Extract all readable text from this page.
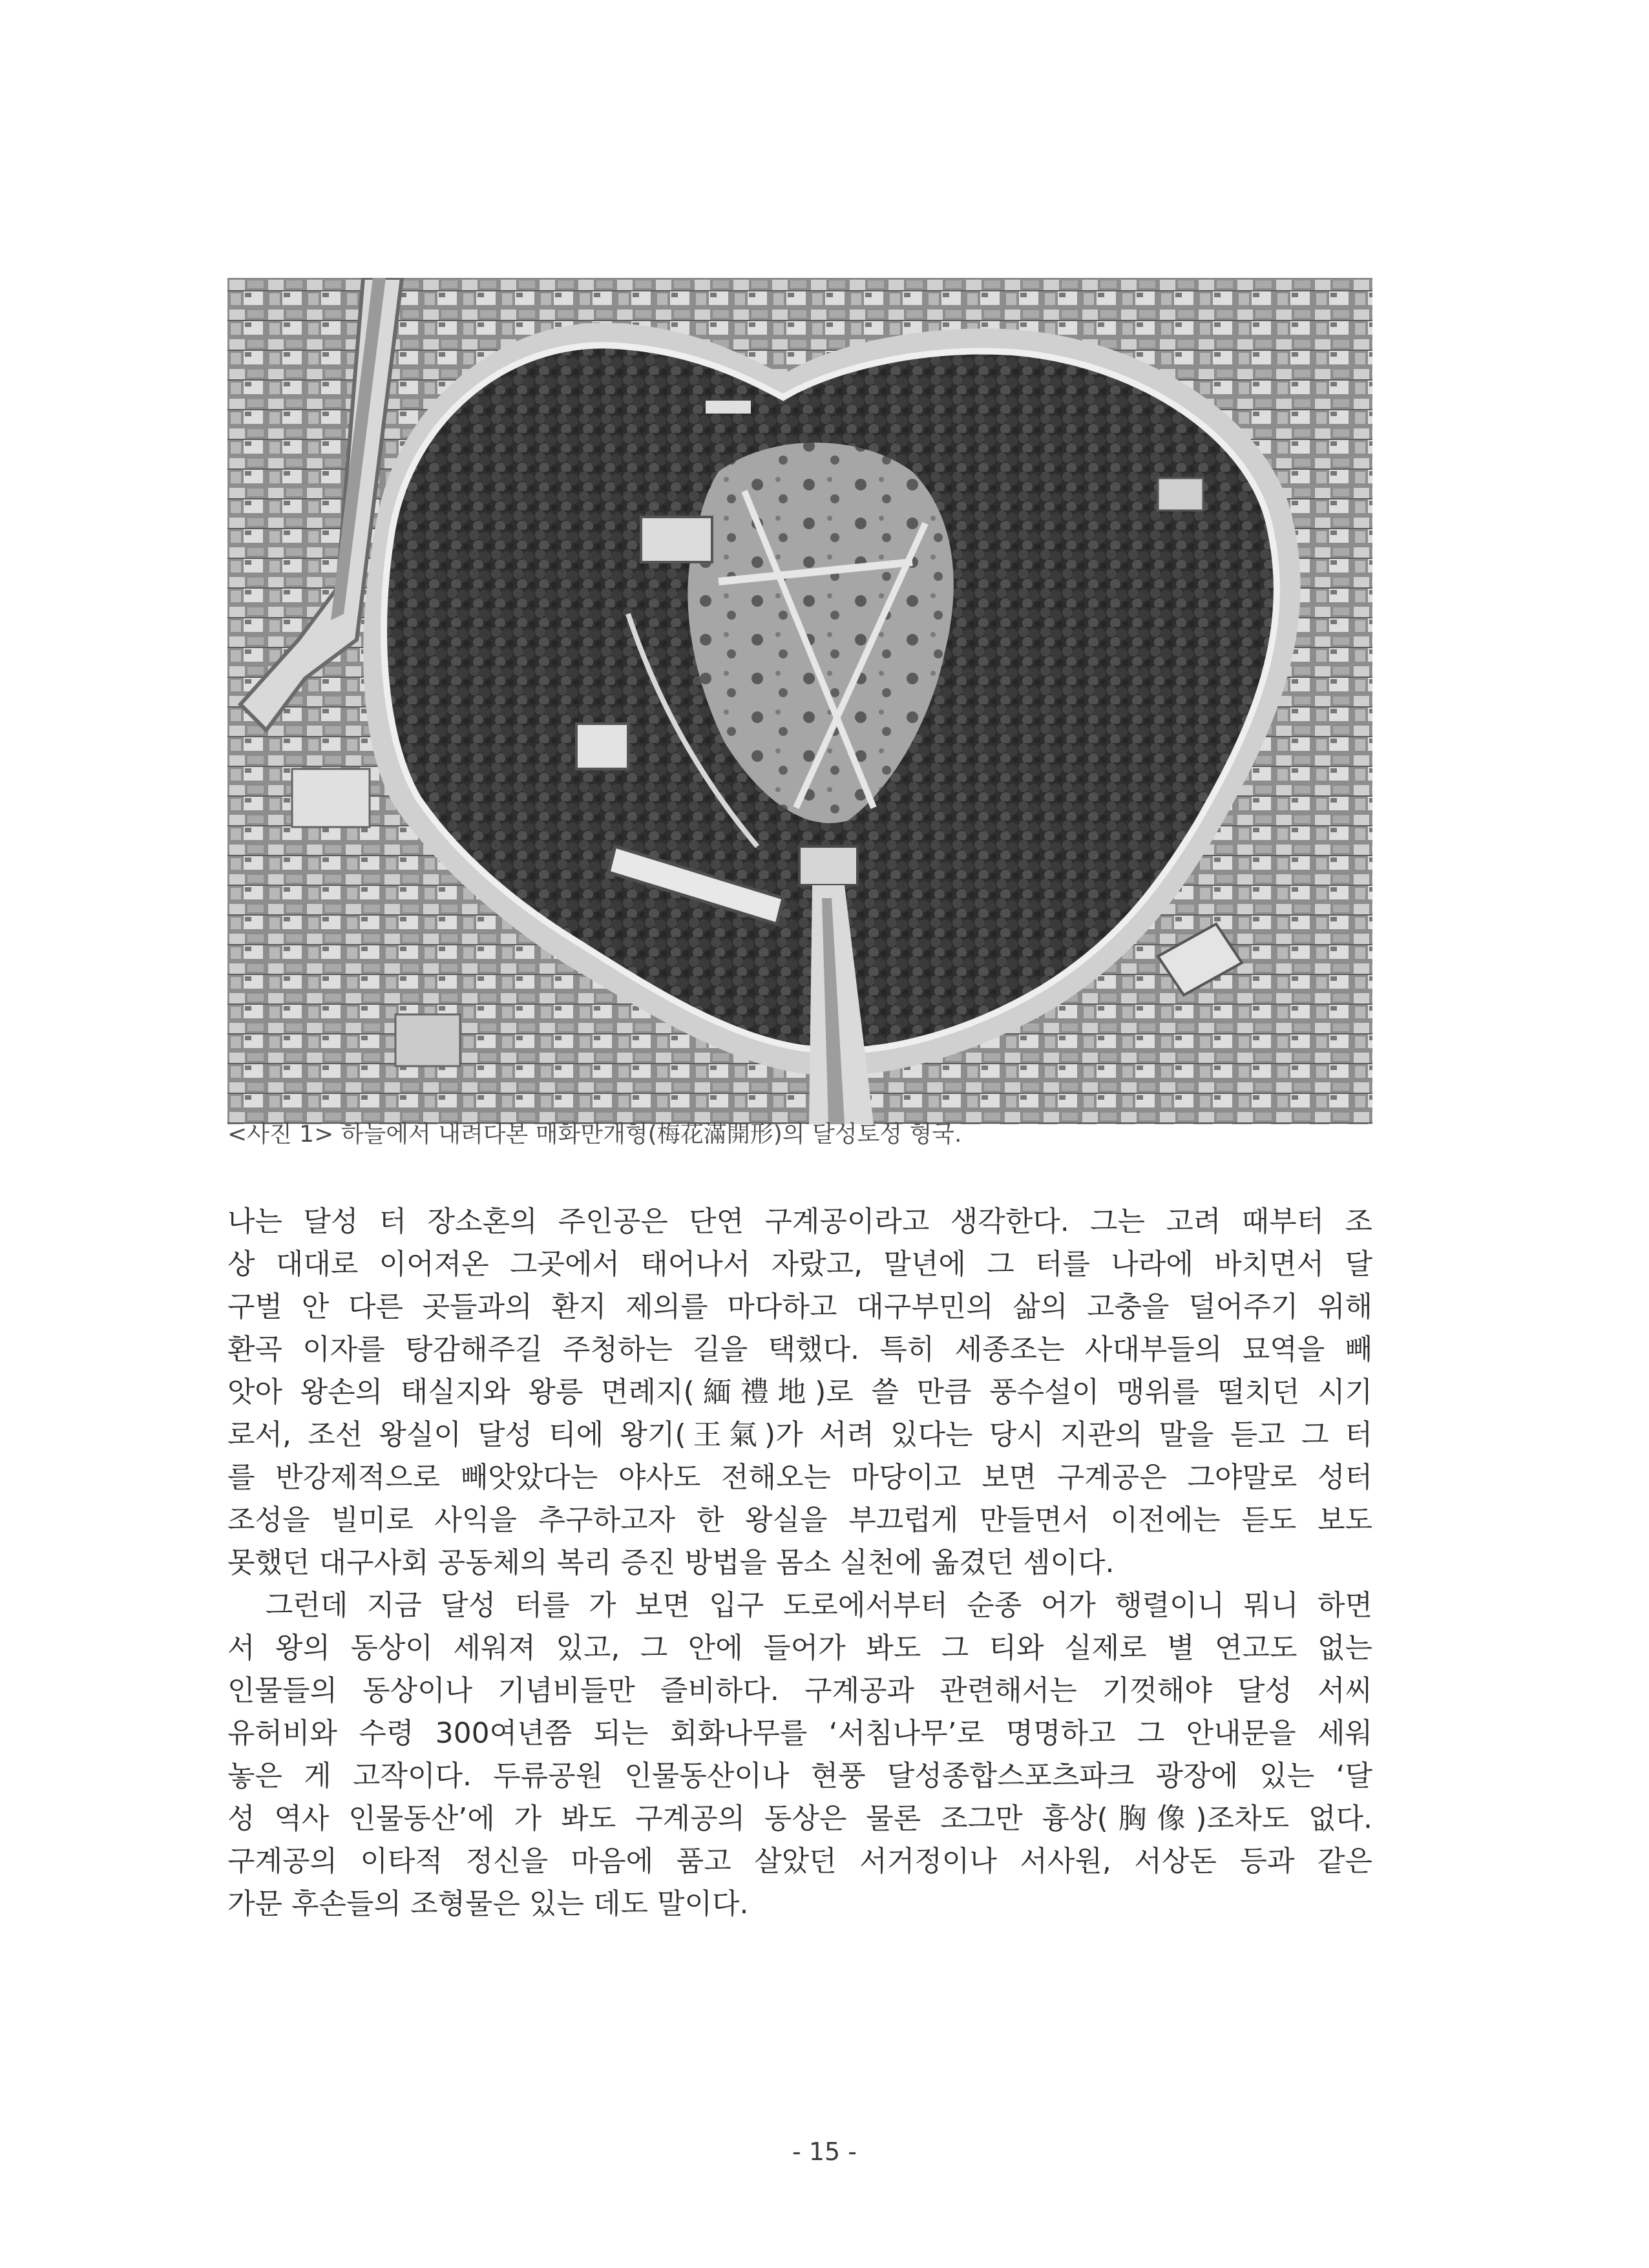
<사진 1> 하늘에서 내려다본 매화만개형(梅花滿開形)의 달성토성 형국.
나는 달성 터 장소혼의 주인공은 단연 구계공이라고 생각한다. 그는 고려 때부터 조
상 대대로 이어져온 그곳에서 태어나서 자랐고, 말년에 그 터를 나라에 바치면서 달
구벌 안 다른 곳들과의 환지 제의를 마다하고 대구부민의 삶의 고충을 덜어주기 위해
환곡 이자를 탕감해주길 주청하는 길을 택했다. 특히 세종조는 사대부들의 묘역을 빼
앗아 왕손의 태실지와 왕릉 면례지(緬禮地)로 쓸 만큼 풍수설이 맹위를 떨치던 시기
로서, 조선 왕실이 달성 티에 왕기(王氣)가 서려 있다는 당시 지관의 말을 듣고 그 터
를 반강제적으로 빼앗았다는 야사도 전해오는 마당이고 보면 구계공은 그야말로 성터
조성을 빌미로 사익을 추구하고자 한 왕실을 부끄럽게 만들면서 이전에는 듣도 보도
못했던 대구사회 공동체의 복리 증진 방법을 몸소 실천에 옮겼던 셈이다.
그런데 지금 달성 터를 가 보면 입구 도로에서부터 순종 어가 행렬이니 뭐니 하면
서 왕의 동상이 세워져 있고, 그 안에 들어가 봐도 그 티와 실제로 별 연고도 없는
인물들의 동상이나 기념비들만 즐비하다. 구계공과 관련해서는 기껏해야 달성 서씨
유허비와 수령 300여년쯤 되는 회화나무를 ‘서침나무’로 명명하고 그 안내문을 세워
놓은 게 고작이다. 두류공원 인물동산이나 현풍 달성종합스포츠파크 광장에 있는 ‘달
성 역사 인물동산’에 가 봐도 구계공의 동상은 물론 조그만 흉상(胸像)조차도 없다.
구계공의 이타적 정신을 마음에 품고 살았던 서거정이나 서사원, 서상돈 등과 같은
가문 후손들의 조형물은 있는 데도 말이다.
- 15 -
